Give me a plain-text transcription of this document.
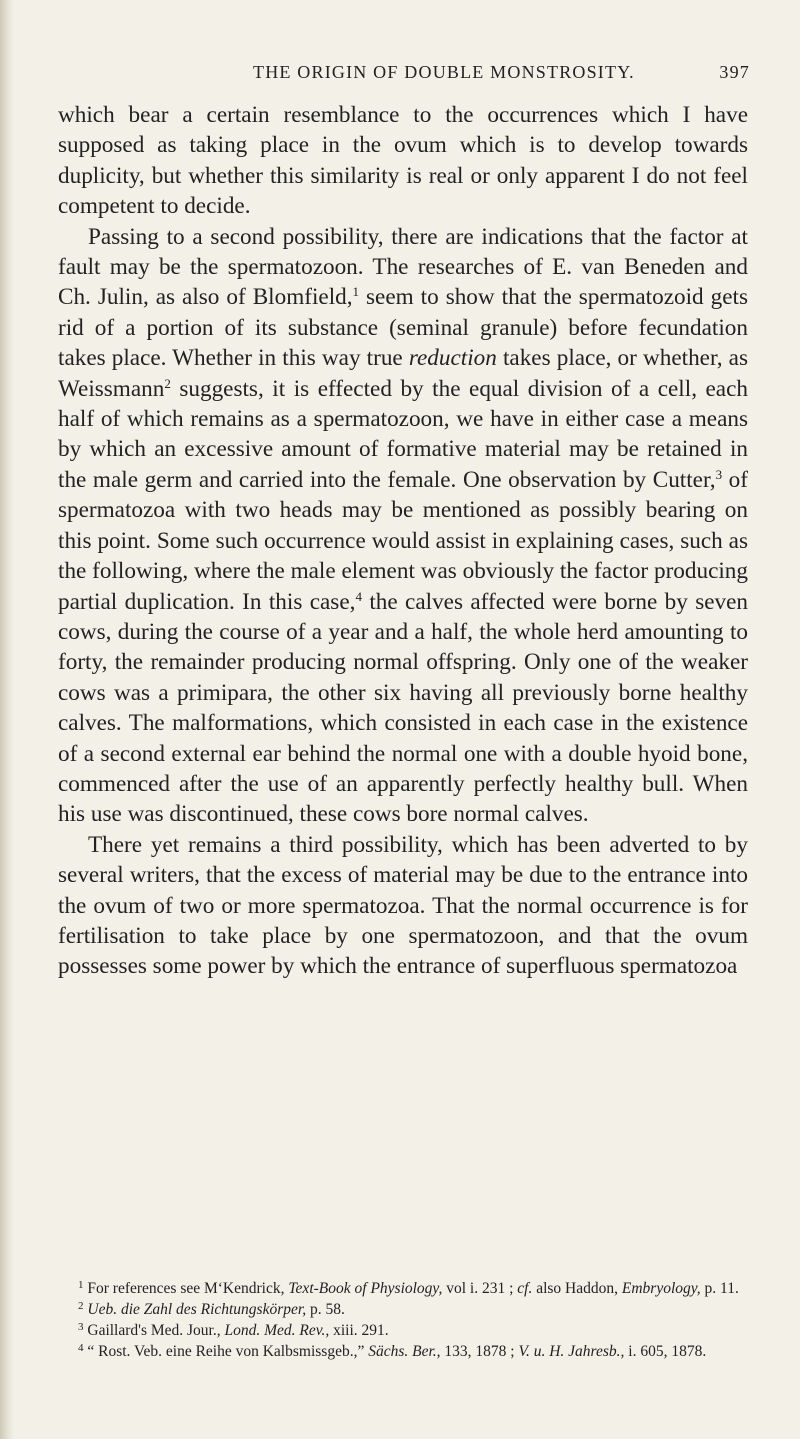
THE ORIGIN OF DOUBLE MONSTROSITY.	397

which bear a certain resemblance to the occurrences which I have supposed as taking place in the ovum which is to develop towards duplicity, but whether this similarity is real or only apparent I do not feel competent to decide.

Passing to a second possibility, there are indications that the factor at fault may be the spermatozoon. The researches of E. van Beneden and Ch. Julin, as also of Blomfield,$^1$ seem to show that the spermatozoid gets rid of a portion of its substance (seminal granule) before fecundation takes place. Whether in this way true reduction takes place, or whether, as Weissmann$^2$ suggests, it is effected by the equal division of a cell, each half of which remains as a spermatozoon, we have in either case a means by which an excessive amount of formative material may be retained in the male germ and carried into the female. One observation by Cutter,$^3$ of spermatozoa with two heads may be mentioned as possibly bearing on this point. Some such occurrence would assist in explaining cases, such as the following, where the male element was obviously the factor producing partial duplication. In this case,$^4$ the calves affected were borne by seven cows, during the course of a year and a half, the whole herd amounting to forty, the remainder producing normal offspring. Only one of the weaker cows was a primipara, the other six having all previously borne healthy calves. The malformations, which consisted in each case in the existence of a second external ear behind the normal one with a double hyoid bone, commenced after the use of an apparently perfectly healthy bull. When his use was discontinued, these cows bore normal calves.

There yet remains a third possibility, which has been adverted to by several writers, that the excess of material may be due to the entrance into the ovum of two or more spermatozoa. That the normal occurrence is for fertilisation to take place by one spermatozoon, and that the ovum possesses some power by which the entrance of superfluous spermatozoa

$^1$ For references see M‘Kendrick, Text-Book of Physiology, vol i. 231 ; cf. also Haddon, Embryology, p. 11.

$^2$ Ueb. die Zahl des Richtungskörper, p. 58.

$^3$ Gaillard's Med. Jour., Lond. Med. Rev., xiii. 291.

$^4$ “ Rost. Veb. eine Reihe von Kalbsmissgeb.,” Sächs. Ber., 133, 1878 ; V. u. H. Jahresb., i. 605, 1878.
